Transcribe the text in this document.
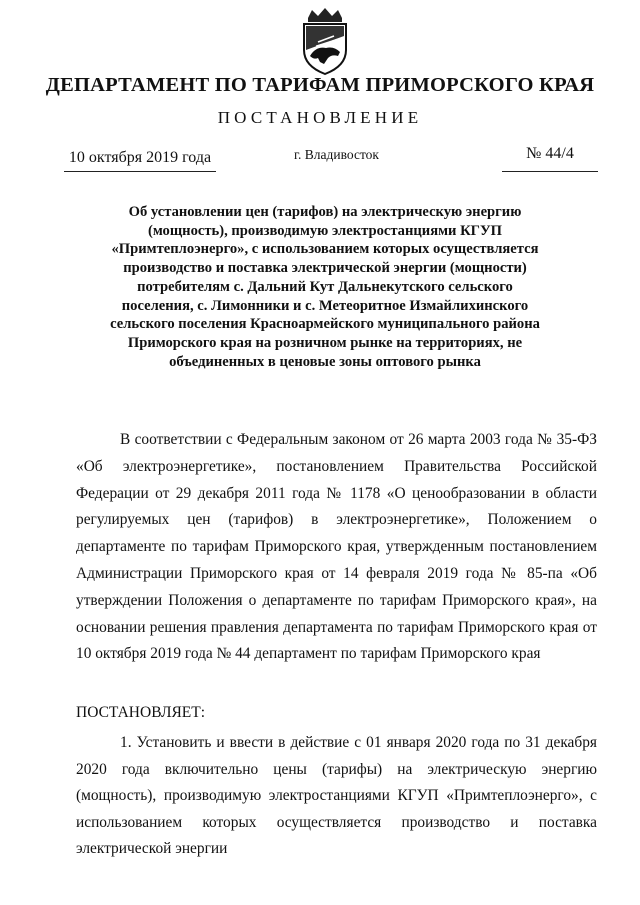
ДЕПАРТАМЕНТ ПО ТАРИФАМ ПРИМОРСКОГО КРАЯ
ПОСТАНОВЛЕНИЕ
10 октября 2019 года	г. Владивосток	№ 44/4
Об установлении цен (тарифов) на электрическую энергию (мощность), производимую электростанциями КГУП «Примтеплоэнерго», с использованием которых осуществляется производство и поставка электрической энергии (мощности) потребителям с. Дальний Кут Дальнекутского сельского поселения, с. Лимонники и с. Метеоритное Измайлихинского сельского поселения Красноармейского муниципального района Приморского края на розничном рынке на территориях, не объединенных в ценовые зоны оптового рынка

В соответствии с Федеральным законом от 26 марта 2003 года № 35-ФЗ «Об электроэнергетике», постановлением Правительства Российской Федерации от 29 декабря 2011 года № 1178 «О ценообразовании в области регулируемых цен (тарифов) в электроэнергетике», Положением о департаменте по тарифам Приморского края, утвержденным постановлением Администрации Приморского края от 14 февраля 2019 года № 85-па «Об утверждении Положения о департаменте по тарифам Приморского края», на основании решения правления департамента по тарифам Приморского края от 10 октября 2019 года № 44 департамент по тарифам Приморского края

ПОСТАНОВЛЯЕТ:

1. Установить и ввести в действие с 01 января 2020 года по 31 декабря 2020 года включительно цены (тарифы) на электрическую энергию (мощность), производимую электростанциями КГУП «Примтеплоэнерго», с использованием которых осуществляется производство и поставка электрической энергии
